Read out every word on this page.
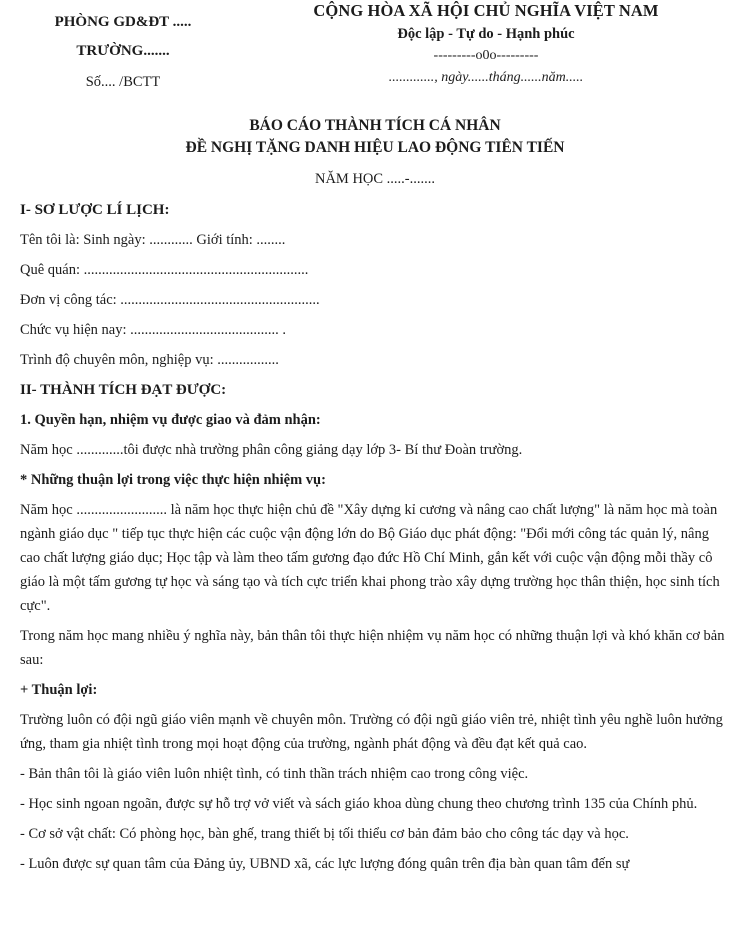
PHÒNG GD&ĐT .....
TRƯỜNG.......
Số.... /BCTT
CỘNG HÒA XÃ HỘI CHỦ NGHĨA VIỆT NAM
Độc lập - Tự do - Hạnh phúc
---------o0o---------
............., ngày......tháng......năm.....
BÁO CÁO THÀNH TÍCH CÁ NHÂN
ĐỀ NGHỊ TẶNG DANH HIỆU LAO ĐỘNG TIÊN TIẾN
NĂM HỌC .....-.......

I- SƠ LƯỢC LÍ LỊCH:

Tên tôi là: Sinh ngày: ............ Giới tính: ........

Quê quán: ..............................................................

Đơn vị công tác: .......................................................

Chức vụ hiện nay: ......................................... .

Trình độ chuyên môn, nghiệp vụ: .................

II- THÀNH TÍCH ĐẠT ĐƯỢC:

1. Quyền hạn, nhiệm vụ được giao và đảm nhận:

Năm học .............tôi được nhà trường phân công giảng dạy lớp 3- Bí thư Đoàn trường.

* Những thuận lợi trong việc thực hiện nhiệm vụ:

Năm học ......................... là năm học thực hiện chủ đề "Xây dựng kỉ cương và nâng cao chất lượng" là năm học mà toàn ngành giáo dục " tiếp tục thực hiện các cuộc vận động lớn do Bộ Giáo dục phát động: "Đổi mới công tác quản lý, nâng cao chất lượng giáo dục; Học tập và làm theo tấm gương đạo đức Hồ Chí Minh, gắn kết với cuộc vận động mỗi thầy cô giáo là một tấm gương tự học và sáng tạo và tích cực triển khai phong trào xây dựng trường học thân thiện, học sinh tích cực".

Trong năm học mang nhiều ý nghĩa này, bản thân tôi thực hiện nhiệm vụ năm học có những thuận lợi và khó khăn cơ bản sau:

+ Thuận lợi:

Trường luôn có đội ngũ giáo viên mạnh về chuyên môn. Trường có đội ngũ giáo viên trẻ, nhiệt tình yêu nghề luôn hưởng ứng, tham gia nhiệt tình trong mọi hoạt động của trường, ngành phát động và đều đạt kết quả cao.

- Bản thân tôi là giáo viên luôn nhiệt tình, có tinh thần trách nhiệm cao trong công việc.

- Học sinh ngoan ngoãn, được sự hỗ trợ vở viết và sách giáo khoa dùng chung theo chương trình 135 của Chính phủ.

- Cơ sở vật chất: Có phòng học, bàn ghế, trang thiết bị tối thiểu cơ bản đảm bảo cho công tác dạy và học.

- Luôn được sự quan tâm của Đảng ủy, UBND xã, các lực lượng đóng quân trên địa bàn quan tâm đến sự
